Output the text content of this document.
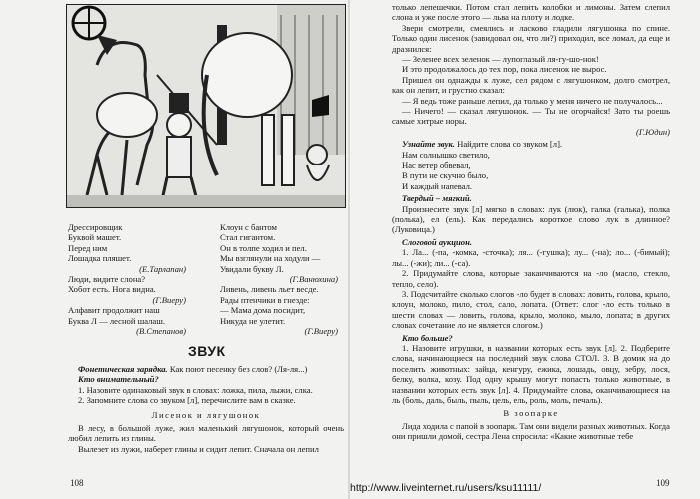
Дрессировщик
Буквой машет.
Перед ним
Лошадка пляшет.
(Е.Тарлапан)
Люди, видите слона?
Хобот есть. Нога видна.
(Г.Виеру)
Алфавит продолжит наш
Буква Л — лесной шалаш.
(В.Степанов)
Клоун с бантом
Стал гигантом.
Он в толпе ходил и пел.
Мы взглянули на ходули —
Увидали букву Л.
(Г.Ванюхина)
Ливень, ливень льет весде.
Рады птенчики в гнезде:
— Мама дома посидит,
Никуда не улетит.
(Г.Виеру)
ЗВУК
Фонетическая зарядка. Как поют песенку без слов? (Ля-ля...)
Кто внимательный?
1. Назовите одинаковый звук в словах: ложка, пила, лыжи, слка.
2. Запомните слова со звуком [л], перечислите вам в сказке.
Лисенок и лягушонок
В лесу, в большой луже, жил маленький лягушонок, который очень любил лепить из глины.
Вылезет из лужи, наберет глины и сидит лепит. Сначала он лепил
108
только лепешечки. Потом стал лепить колобки и лимоны. Затем слепил слона и уже после этого — льва на плоту и лодке.
Звери смотрели, смеялись и ласково гладили лягушонка по спине. Только один лисенок (завидовал он, что ли?) приходил, все ломал, да еще и дразнился:
— Зеленее всех зеленок — лупоглазый ля-гу-шо-нок!
И это продолжалось до тех пор, пока лисенок не вырос.
Пришел он однажды к луже, сел рядом с лягушонком, долго смотрел, как он лепит, и грустно сказал:
— Я ведь тоже раньше лепил, да только у меня ничего не получалось...
— Ничего! — сказал лягушонок. — Ты не огорчайся! Зато ты роешь самые хитрые норы.
(Г.Юдин)
Узнайте звук. Найдите слова со звуком [л].
Нам солнышко светило,
Нас ветер обвевал,
В пути не скучно было,
И каждый напевал.
Твердый – мягкий.
Произнесите звук [л] мягко в словах: лук (люк), галка (галька), полка (полька), ел (ель). Как передались короткое слово лук в длинное? (Луковица.)
Слоговой аукцион.
1. Ла... (-па, -комка, -сточка); ля... (-гушка); лу... (-на); ло... (-бимый); лы... (-жи); ли... (-са).
2. Придумайте слова, которые заканчиваются на -ло (масло, стекло, тепло, село).
3. Подсчитайте сколько слогов -ло будет в словах: ловить, голова, крыло, клоун, молоко, пило, стол, сало, лопата. (Ответ: слог -ло есть только в шести словах — ловить, голова, крыло, молоко, мыло, лопата; в других словах сочетание ло не является слогом.)
Кто больше?
1. Назовите игрушки, в названии которых есть звук [л]. 2. Подберите слова, начинающиеся на последний звук слова СТОЛ. 3. В домик на до поселить животных: зайца, кенгуру, ежика, лошадь, овцу, зебру, лося, белку, волка, козу. Под одну крышу могут попасть только животные, в названии которых есть звук [л]. 4. Придумайте слова, оканчивающиеся на ль (боль, даль, быль, пыль, цель, ель, роль, моль, печаль).
В зоопарке
Лида ходила с папой в зоопарк. Там они видели разных животных. Когда они пришли домой, сестра Лена спросила: «Какие животные тебе
109
http://www.liveinternet.ru/users/ksu11111/
